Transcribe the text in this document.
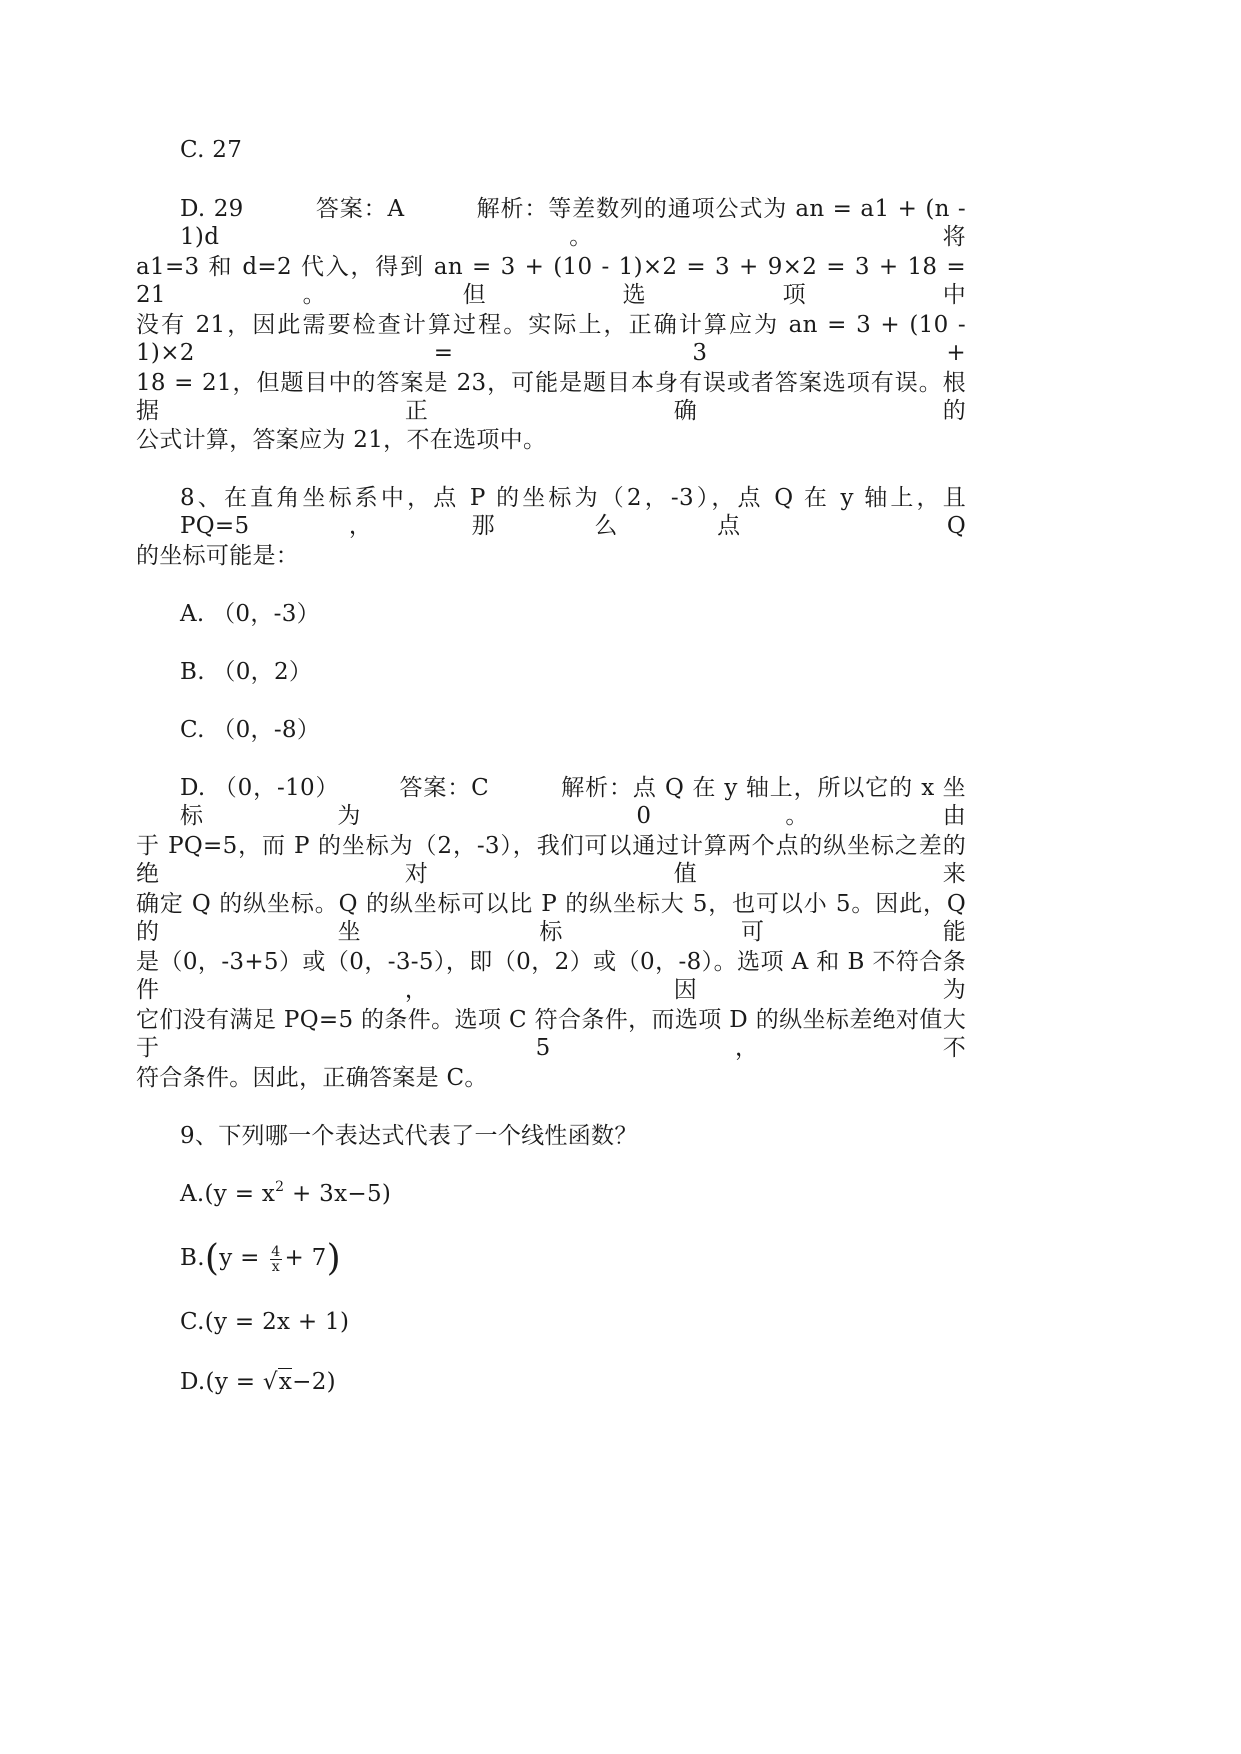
C. 27
D. 29　　　答案：A　　　解析：等差数列的通项公式为 an = a1 + (n - 1)d。将
a1=3 和 d=2 代入，得到 an = 3 + (10 - 1)×2 = 3 + 9×2 = 3 + 18 = 21。但选项中
没有 21，因此需要检查计算过程。实际上，正确计算应为 an = 3 + (10 - 1)×2 = 3 +
18 = 21，但题目中的答案是 23，可能是题目本身有误或者答案选项有误。根据正确的
公式计算，答案应为 21，不在选项中。
8、在直角坐标系中，点 P 的坐标为（2，-3），点 Q 在 y 轴上，且 PQ=5，那么点 Q
的坐标可能是：
A. （0，-3）
B. （0，2）
C. （0，-8）
D. （0，-10）　　　答案：C　　　解析：点 Q 在 y 轴上，所以它的 x 坐标为 0。由
于 PQ=5，而 P 的坐标为（2，-3），我们可以通过计算两个点的纵坐标之差的绝对值来
确定 Q 的纵坐标。Q 的纵坐标可以比 P 的纵坐标大 5，也可以小 5。因此，Q 的坐标可能
是（0，-3+5）或（0，-3-5），即（0，2）或（0，-8）。选项 A 和 B 不符合条件，因为
它们没有满足 PQ=5 的条件。选项 C 符合条件，而选项 D 的纵坐标差绝对值大于 5，不
符合条件。因此，正确答案是 C。
9、下列哪一个表达式代表了一个线性函数？
$A.(y = x^2 + 3x-5)$
$B.(y = \frac{4}{x} + 7)$
C.(y = 2x + 1)
D.(y = √x−2)
